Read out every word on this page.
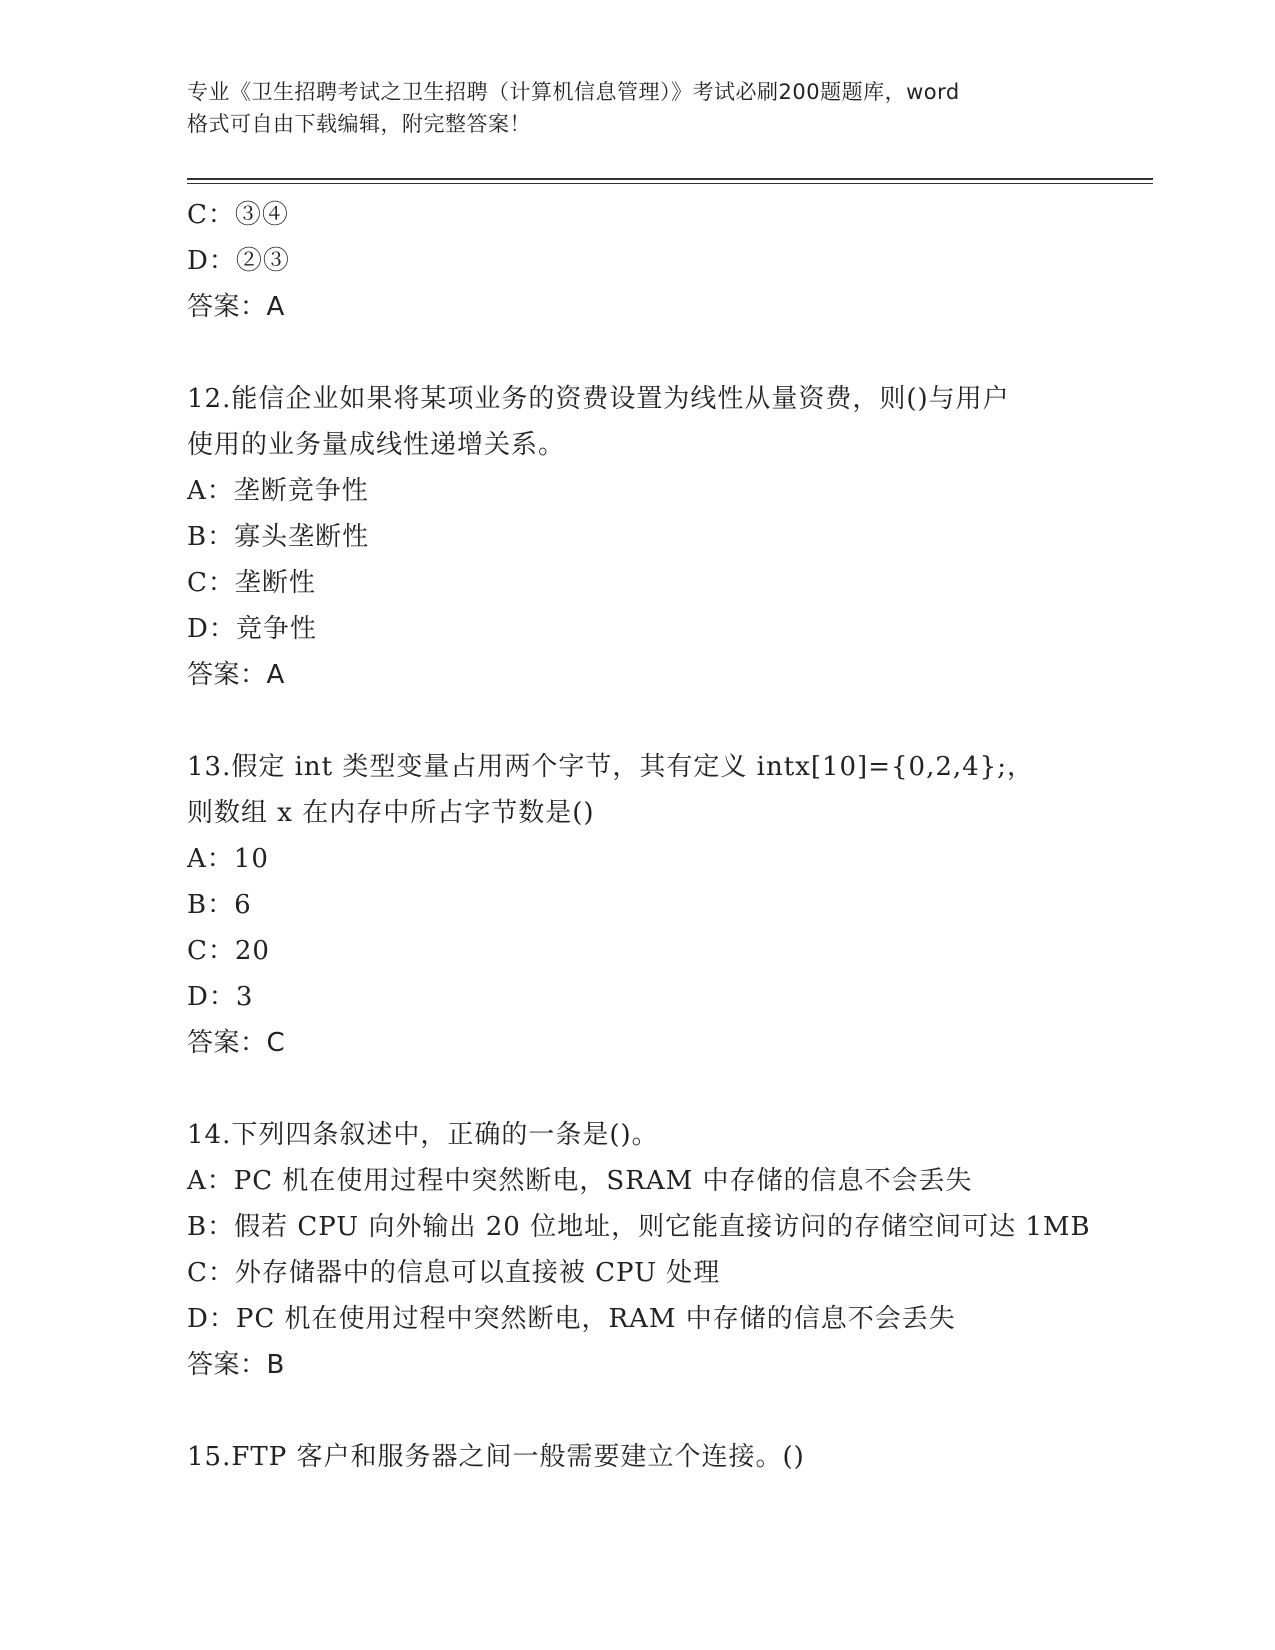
专业《卫生招聘考试之卫生招聘（计算机信息管理）》考试必刷200题题库，word
格式可自由下载编辑，附完整答案！
C：③④
D：②③
答案：A
12.能信企业如果将某项业务的资费设置为线性从量资费，则()与用户
使用的业务量成线性递增关系。
A：垄断竞争性
B：寡头垄断性
C：垄断性
D：竞争性
答案：A
13.假定 int 类型变量占用两个字节，其有定义 intx[10]={0,2,4};，
则数组 x 在内存中所占字节数是()
A：10
B：6
C：20
D：3
答案：C
14.下列四条叙述中，正确的一条是()。
A：PC 机在使用过程中突然断电，SRAM 中存储的信息不会丢失
B：假若 CPU 向外输出 20 位地址，则它能直接访问的存储空间可达 1MB
C：外存储器中的信息可以直接被 CPU 处理
D：PC 机在使用过程中突然断电，RAM 中存储的信息不会丢失
答案：B
15.FTP 客户和服务器之间一般需要建立个连接。()
